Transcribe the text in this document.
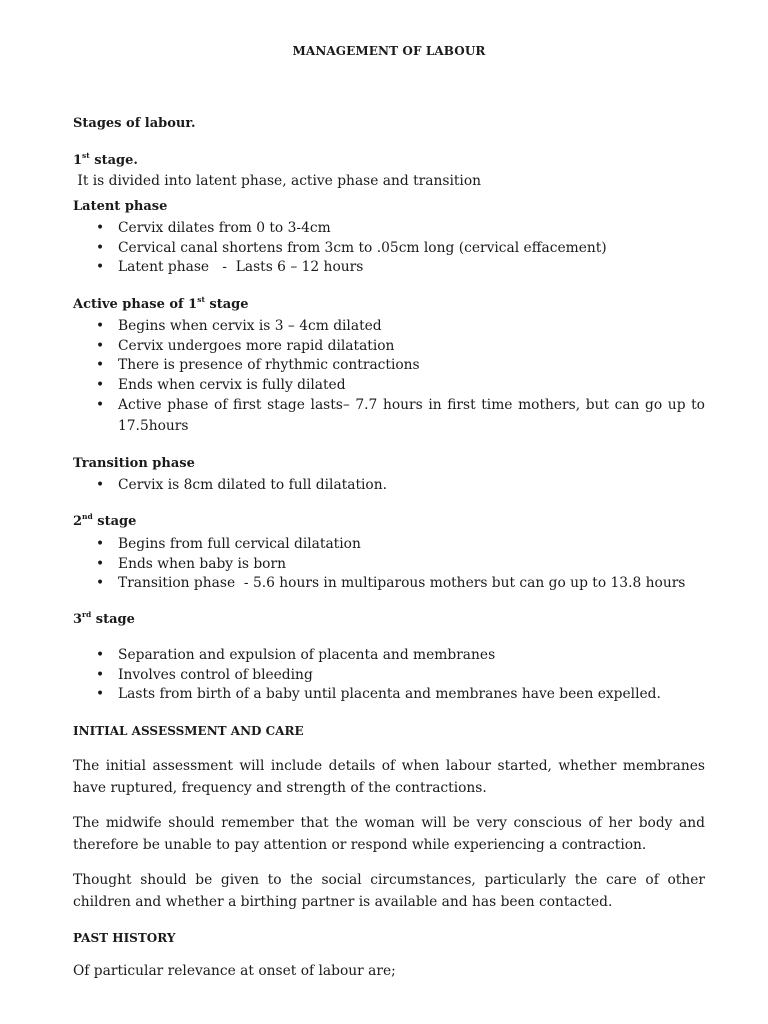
MANAGEMENT OF LABOUR
Stages of labour.
1st stage.
It is divided into latent phase, active phase and transition
Latent phase
• Cervix dilates from 0 to 3-4cm
• Cervical canal shortens from 3cm to .05cm long (cervical effacement)
• Latent phase   -  Lasts 6 – 12 hours
Active phase of 1st stage
• Begins when cervix is 3 – 4cm dilated
• Cervix undergoes more rapid dilatation
• There is presence of rhythmic contractions
• Ends when cervix is fully dilated
• Active phase of first stage lasts– 7.7 hours in first time mothers, but can go up to 17.5hours
Transition phase
• Cervix is 8cm dilated to full dilatation.
2nd stage
• Begins from full cervical dilatation
• Ends when baby is born
• Transition phase  - 5.6 hours in multiparous mothers but can go up to 13.8 hours
3rd stage
• Separation and expulsion of placenta and membranes
• Involves control of bleeding
• Lasts from birth of a baby until placenta and membranes have been expelled.
INITIAL ASSESSMENT AND CARE
The initial assessment will include details of when labour started, whether membranes have ruptured, frequency and strength of the contractions.
The midwife should remember that the woman will be very conscious of her body and therefore be unable to pay attention or respond while experiencing a contraction.
Thought should be given to the social circumstances, particularly the care of other children and whether a birthing partner is available and has been contacted.
PAST HISTORY
Of particular relevance at onset of labour are;
